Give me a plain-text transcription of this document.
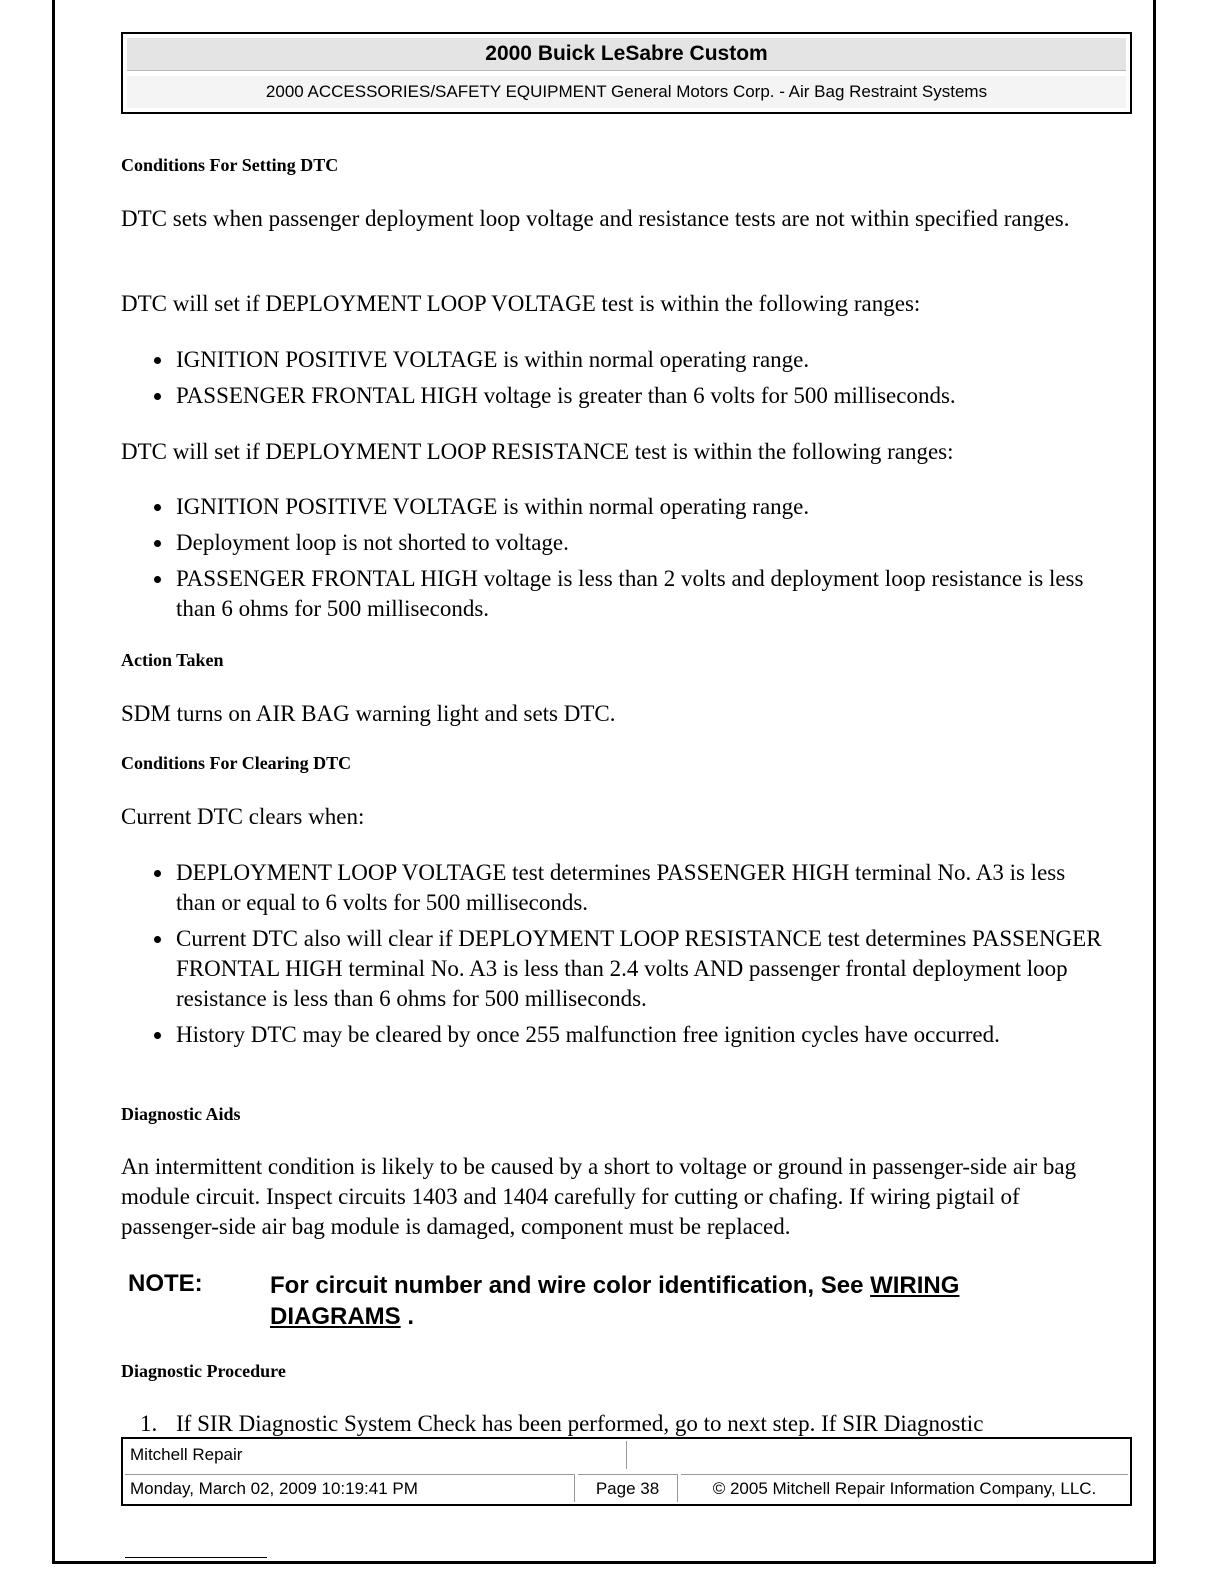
2000 Buick LeSabre Custom
2000 ACCESSORIES/SAFETY EQUIPMENT General Motors Corp. - Air Bag Restraint Systems
Conditions For Setting DTC

DTC sets when passenger deployment loop voltage and resistance tests are not within specified ranges.

DTC will set if DEPLOYMENT LOOP VOLTAGE test is within the following ranges:

IGNITION POSITIVE VOLTAGE is within normal operating range.
PASSENGER FRONTAL HIGH voltage is greater than 6 volts for 500 milliseconds.

DTC will set if DEPLOYMENT LOOP RESISTANCE test is within the following ranges:

IGNITION POSITIVE VOLTAGE is within normal operating range.
Deployment loop is not shorted to voltage.
PASSENGER FRONTAL HIGH voltage is less than 2 volts and deployment loop resistance is less than 6 ohms for 500 milliseconds.
Action Taken

SDM turns on AIR BAG warning light and sets DTC.

Conditions For Clearing DTC

Current DTC clears when:

DEPLOYMENT LOOP VOLTAGE test determines PASSENGER HIGH terminal No. A3 is less than or equal to 6 volts for 500 milliseconds.
Current DTC also will clear if DEPLOYMENT LOOP RESISTANCE test determines PASSENGER FRONTAL HIGH terminal No. A3 is less than 2.4 volts AND passenger frontal deployment loop resistance is less than 6 ohms for 500 milliseconds.
History DTC may be cleared by once 255 malfunction free ignition cycles have occurred.
Diagnostic Aids

An intermittent condition is likely to be caused by a short to voltage or ground in passenger-side air bag module circuit. Inspect circuits 1403 and 1404 carefully for cutting or chafing. If wiring pigtail of passenger-side air bag module is damaged, component must be replaced.

NOTE:	For circuit number and wire color identification, See WIRING DIAGRAMS .
Diagnostic Procedure
1. If SIR Diagnostic System Check has been performed, go to next step. If SIR Diagnostic
Mitchell Repair
Monday, March 02, 2009 10:19:41 PM	Page 38	© 2005 Mitchell Repair Information Company, LLC.
